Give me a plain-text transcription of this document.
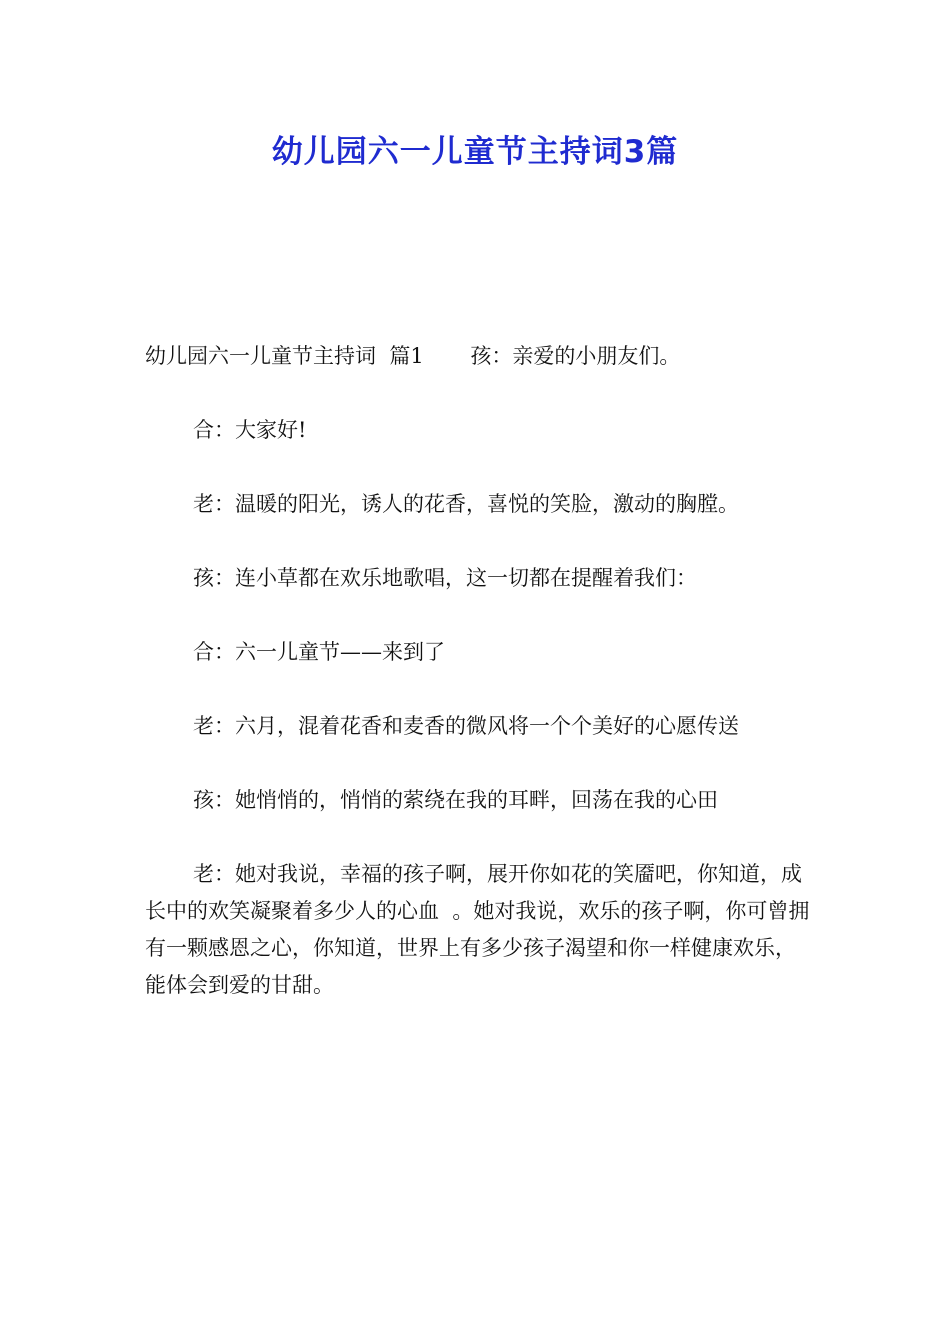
幼儿园六一儿童节主持词3篇

幼儿园六一儿童节主持词  篇1       孩：亲爱的小朋友们。

合：大家好!

老：温暖的阳光，诱人的花香，喜悦的笑脸，激动的胸膛。

孩：连小草都在欢乐地歌唱，这一切都在提醒着我们：

合：六一儿童节——来到了

老：六月，混着花香和麦香的微风将一个个美好的心愿传送

孩：她悄悄的，悄悄的萦绕在我的耳畔，回荡在我的心田

老：她对我说，幸福的孩子啊，展开你如花的笑靥吧，你知道，成长中的欢笑凝聚着多少人的心血  。她对我说，欢乐的孩子啊，你可曾拥有一颗感恩之心，你知道，世界上有多少孩子渴望和你一样健康欢乐，能体会到爱的甘甜。
